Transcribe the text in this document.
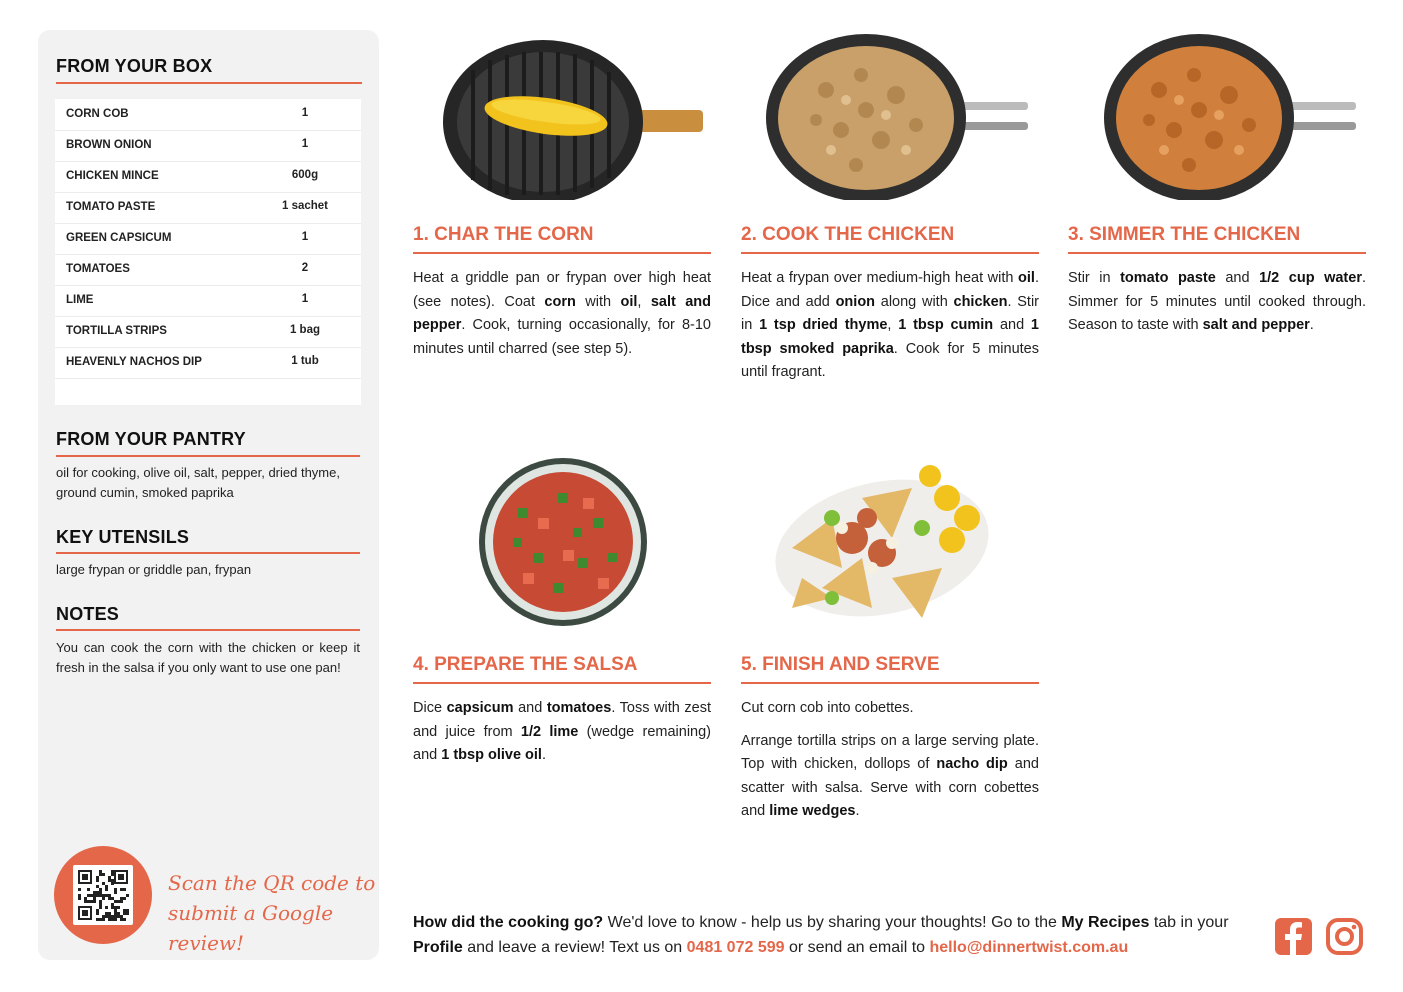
FROM YOUR BOX
CORN COB	1
BROWN ONION	1
CHICKEN MINCE	600g
TOMATO PASTE	1 sachet
GREEN CAPSICUM	1
TOMATOES	2
LIME	1
TORTILLA STRIPS	1 bag
HEAVENLY NACHOS DIP	1 tub
FROM YOUR PANTRY
oil for cooking, olive oil, salt, pepper, dried thyme, ground cumin, smoked paprika
KEY UTENSILS
large frypan or griddle pan, frypan
NOTES
You can cook the corn with the chicken or keep it fresh in the salsa if you only want to use one pan!
Scan the QR code to
submit a Google review!
1. CHAR THE CORN

Heat a griddle pan or frypan over high heat (see notes). Coat corn with oil, salt and pepper. Cook, turning occasionally, for 8-10 minutes until charred (see step 5).

2. COOK THE CHICKEN

Heat a frypan over medium-high heat with oil. Dice and add onion along with chicken. Stir in 1 tsp dried thyme, 1 tbsp cumin and 1 tbsp smoked paprika. Cook for 5 minutes until fragrant.

3. SIMMER THE CHICKEN

Stir in tomato paste and 1/2 cup water. Simmer for 5 minutes until cooked through. Season to taste with salt and pepper.

4. PREPARE THE SALSA

Dice capsicum and tomatoes. Toss with zest and juice from 1/2 lime (wedge remaining) and 1 tbsp olive oil.

5. FINISH AND SERVE

Cut corn cob into cobettes.

Arrange tortilla strips on a large serving plate. Top with chicken, dollops of nacho dip and scatter with salsa. Serve with corn cobettes and lime wedges.

How did the cooking go? We'd love to know - help us by sharing your thoughts! Go to the My Recipes tab in your Profile and leave a review! Text us on 0481 072 599 or send an email to hello@dinnertwist.com.au
